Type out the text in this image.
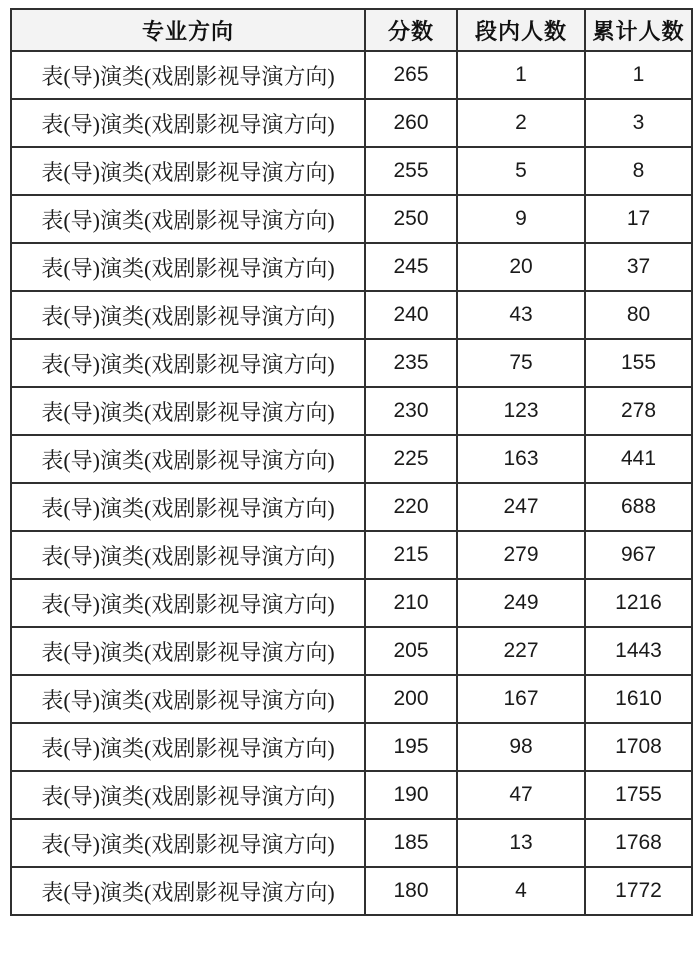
专业方向	分数	段内人数	累计人数
表(导)演类(戏剧影视导演方向)	265	1	1
表(导)演类(戏剧影视导演方向)	260	2	3
表(导)演类(戏剧影视导演方向)	255	5	8
表(导)演类(戏剧影视导演方向)	250	9	17
表(导)演类(戏剧影视导演方向)	245	20	37
表(导)演类(戏剧影视导演方向)	240	43	80
表(导)演类(戏剧影视导演方向)	235	75	155
表(导)演类(戏剧影视导演方向)	230	123	278
表(导)演类(戏剧影视导演方向)	225	163	441
表(导)演类(戏剧影视导演方向)	220	247	688
表(导)演类(戏剧影视导演方向)	215	279	967
表(导)演类(戏剧影视导演方向)	210	249	1216
表(导)演类(戏剧影视导演方向)	205	227	1443
表(导)演类(戏剧影视导演方向)	200	167	1610
表(导)演类(戏剧影视导演方向)	195	98	1708
表(导)演类(戏剧影视导演方向)	190	47	1755
表(导)演类(戏剧影视导演方向)	185	13	1768
表(导)演类(戏剧影视导演方向)	180	4	1772
